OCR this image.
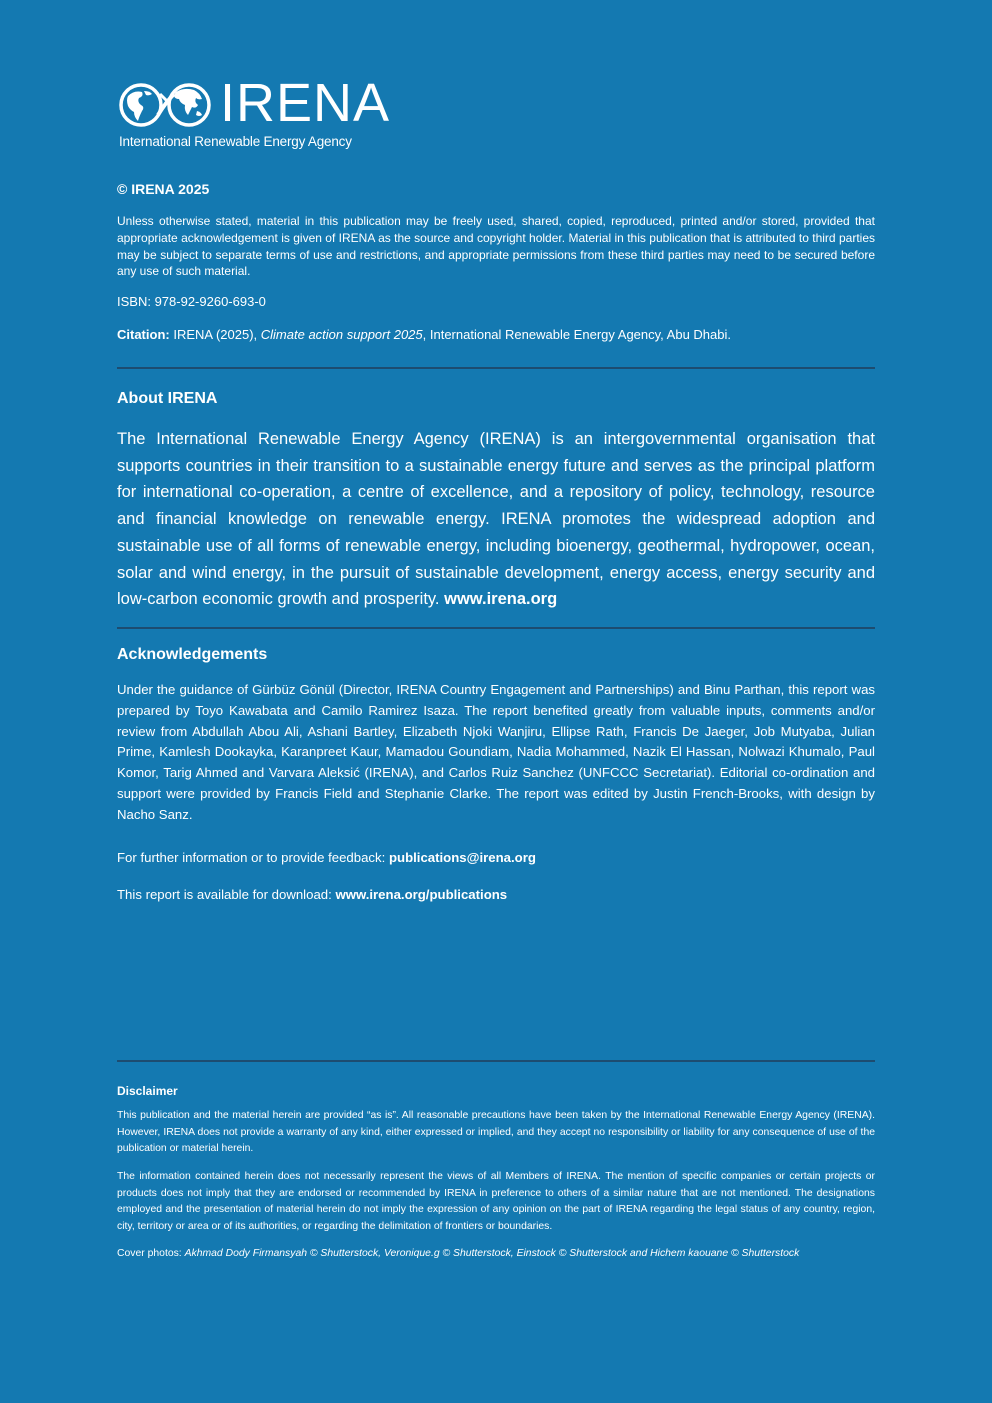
IRENA
International Renewable Energy Agency
© IRENA 2025
Unless otherwise stated, material in this publication may be freely used, shared, copied, reproduced, printed and/or stored, provided that appropriate acknowledgement is given of IRENA as the source and copyright holder. Material in this publication that is attributed to third parties may be subject to separate terms of use and restrictions, and appropriate permissions from these third parties may need to be secured before any use of such material.
ISBN: 978-92-9260-693-0
Citation: IRENA (2025), Climate action support 2025, International Renewable Energy Agency, Abu Dhabi.
About IRENA
The International Renewable Energy Agency (IRENA) is an intergovernmental organisation that supports countries in their transition to a sustainable energy future and serves as the principal platform for international co-operation, a centre of excellence, and a repository of policy, technology, resource and financial knowledge on renewable energy. IRENA promotes the widespread adoption and sustainable use of all forms of renewable energy, including bioenergy, geothermal, hydropower, ocean, solar and wind energy, in the pursuit of sustainable development, energy access, energy security and low-carbon economic growth and prosperity. www.irena.org
Acknowledgements
Under the guidance of Gürbüz Gönül (Director, IRENA Country Engagement and Partnerships) and Binu Parthan, this report was prepared by Toyo Kawabata and Camilo Ramirez Isaza. The report benefited greatly from valuable inputs, comments and/or review from Abdullah Abou Ali, Ashani Bartley, Elizabeth Njoki Wanjiru, Ellipse Rath, Francis De Jaeger, Job Mutyaba, Julian Prime, Kamlesh Dookayka, Karanpreet Kaur, Mamadou Goundiam, Nadia Mohammed, Nazik El Hassan, Nolwazi Khumalo, Paul Komor, Tarig Ahmed and Varvara Aleksić (IRENA), and Carlos Ruiz Sanchez (UNFCCC Secretariat). Editorial co-ordination and support were provided by Francis Field and Stephanie Clarke. The report was edited by Justin French-Brooks, with design by Nacho Sanz.
For further information or to provide feedback: publications@irena.org
This report is available for download: www.irena.org/publications
Disclaimer
This publication and the material herein are provided “as is”. All reasonable precautions have been taken by the International Renewable Energy Agency (IRENA). However, IRENA does not provide a warranty of any kind, either expressed or implied, and they accept no responsibility or liability for any consequence of use of the publication or material herein.
The information contained herein does not necessarily represent the views of all Members of IRENA. The mention of specific companies or certain projects or products does not imply that they are endorsed or recommended by IRENA in preference to others of a similar nature that are not mentioned. The designations employed and the presentation of material herein do not imply the expression of any opinion on the part of IRENA regarding the legal status of any country, region, city, territory or area or of its authorities, or regarding the delimitation of frontiers or boundaries.
Cover photos: Akhmad Dody Firmansyah © Shutterstock, Veronique.g © Shutterstock, Einstock © Shutterstock and Hichem kaouane © Shutterstock
